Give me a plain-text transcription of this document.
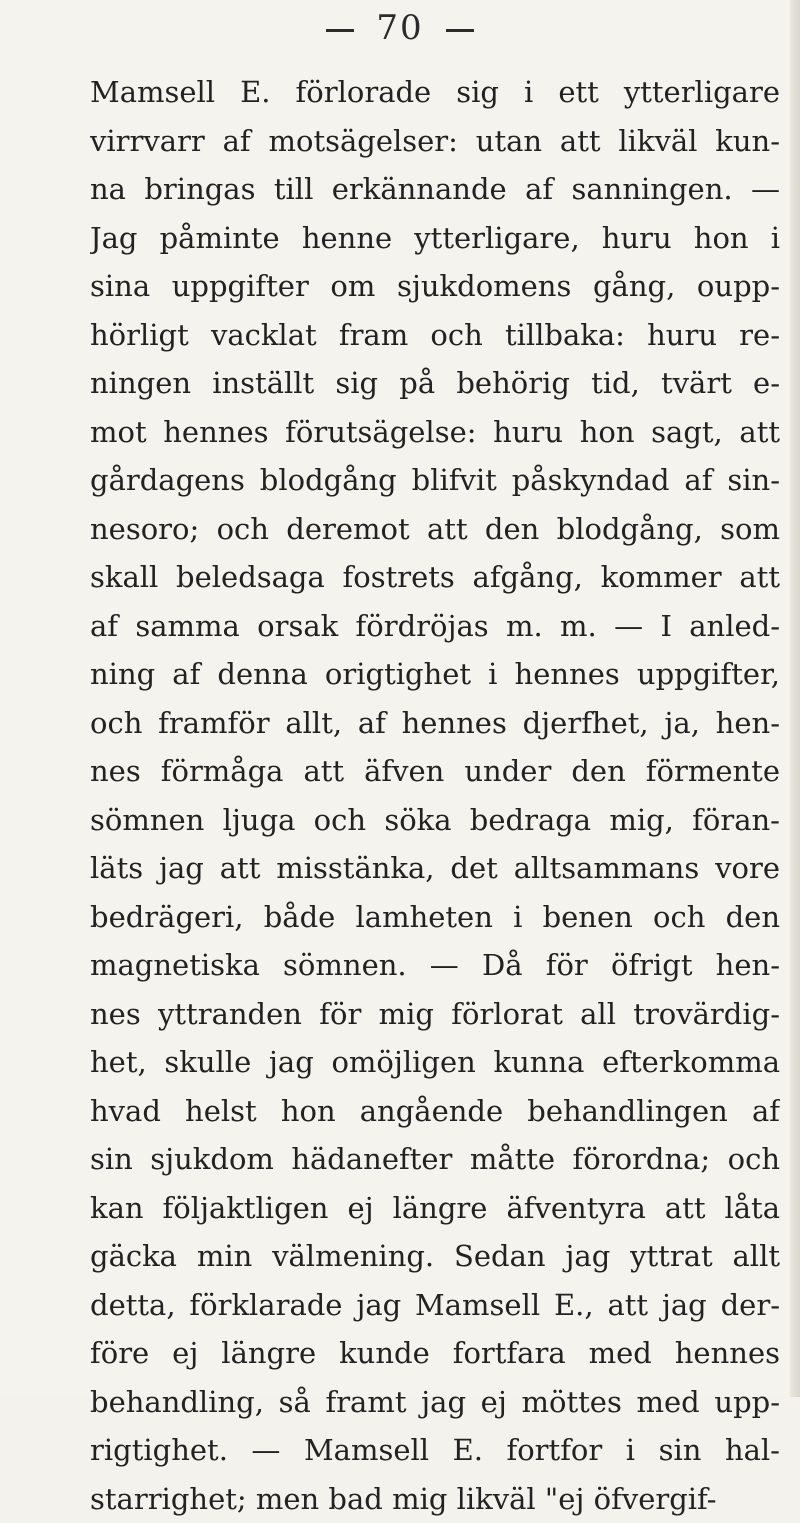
70
Mamsell E. förlorade sig i ett ytterligare
virrvarr af motsägelser: utan att likväl kun-
na bringas till erkännande af sanningen. —
Jag påminte henne ytterligare, huru hon i
sina uppgifter om sjukdomens gång, oupp-
hörligt vacklat fram och tillbaka: huru re-
ningen inställt sig på behörig tid, tvärt e-
mot hennes förutsägelse: huru hon sagt, att
gårdagens blodgång blifvit påskyndad af sin-
nesoro; och deremot att den blodgång, som
skall beledsaga fostrets afgång, kommer att
af samma orsak fördröjas m. m. — I anled-
ning af denna origtighet i hennes uppgifter,
och framför allt, af hennes djerfhet, ja, hen-
nes förmåga att äfven under den förmente
sömnen ljuga och söka bedraga mig, föran-
läts jag att misstänka, det alltsammans vore
bedrägeri, både lamheten i benen och den
magnetiska sömnen. — Då för öfrigt hen-
nes yttranden för mig förlorat all trovärdig-
het, skulle jag omöjligen kunna efterkomma
hvad helst hon angående behandlingen af
sin sjukdom hädanefter måtte förordna; och
kan följaktligen ej längre äfventyra att låta
gäcka min välmening. Sedan jag yttrat allt
detta, förklarade jag Mamsell E., att jag der-
före ej längre kunde fortfara med hennes
behandling, så framt jag ej möttes med upp-
rigtighet. — Mamsell E. fortfor i sin hal-
starrighet; men bad mig likväl "ej öfvergif-
